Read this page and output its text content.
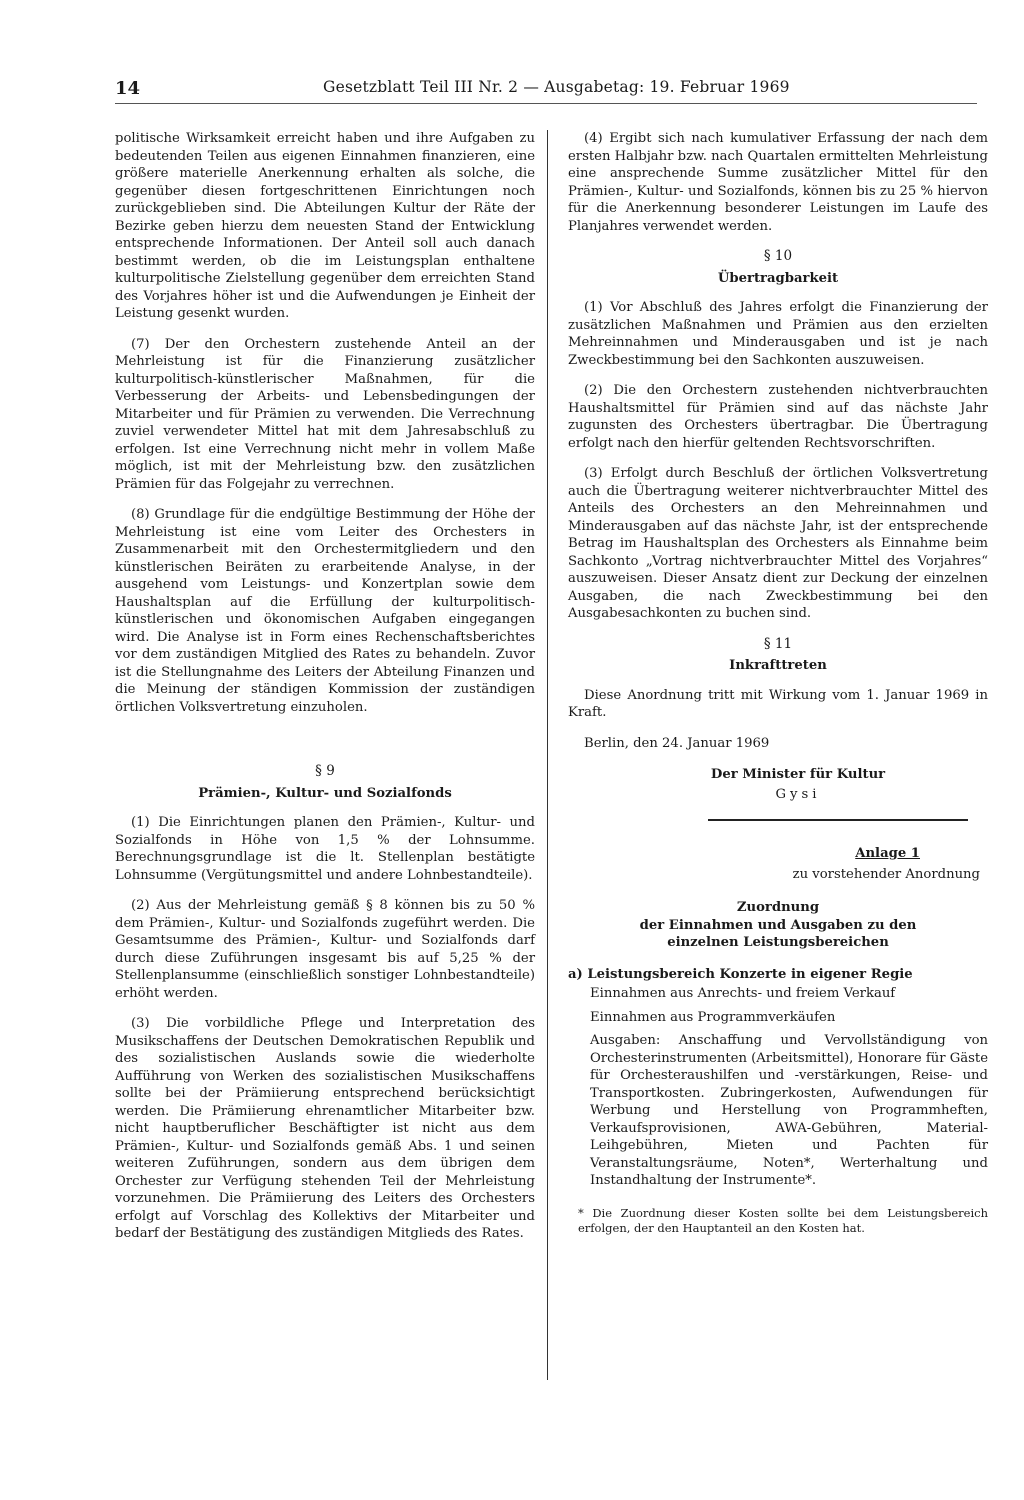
14	Gesetzblatt Teil III Nr. 2 — Ausgabetag: 19. Februar 1969

politische Wirksamkeit erreicht haben und ihre Aufgaben zu bedeutenden Teilen aus eigenen Einnahmen finanzieren, eine größere materielle Anerkennung erhalten als solche, die gegenüber diesen fortgeschrittenen Einrichtungen noch zurückgeblieben sind. Die Abteilungen Kultur der Räte der Bezirke geben hierzu dem neuesten Stand der Entwicklung entsprechende Informationen. Der Anteil soll auch danach bestimmt werden, ob die im Leistungsplan enthaltene kulturpolitische Zielstellung gegenüber dem erreichten Stand des Vorjahres höher ist und die Aufwendungen je Einheit der Leistung gesenkt wurden.

(7) Der den Orchestern zustehende Anteil an der Mehrleistung ist für die Finanzierung zusätzlicher kulturpolitisch-künstlerischer Maßnahmen, für die Verbesserung der Arbeits- und Lebensbedingungen der Mitarbeiter und für Prämien zu verwenden. Die Verrechnung zuviel verwendeter Mittel hat mit dem Jahresabschluß zu erfolgen. Ist eine Verrechnung nicht mehr in vollem Maße möglich, ist mit der Mehrleistung bzw. den zusätzlichen Prämien für das Folgejahr zu verrechnen.

(8) Grundlage für die endgültige Bestimmung der Höhe der Mehrleistung ist eine vom Leiter des Orchesters in Zusammenarbeit mit den Orchestermitgliedern und den künstlerischen Beiräten zu erarbeitende Analyse, in der ausgehend vom Leistungs- und Konzertplan sowie dem Haushaltsplan auf die Erfüllung der kulturpolitisch-künstlerischen und ökonomischen Aufgaben eingegangen wird. Die Analyse ist in Form eines Rechenschaftsberichtes vor dem zuständigen Mitglied des Rates zu behandeln. Zuvor ist die Stellungnahme des Leiters der Abteilung Finanzen und die Meinung der ständigen Kommission der zuständigen örtlichen Volksvertretung einzuholen.

§ 9
Prämien-, Kultur- und Sozialfonds

(1) Die Einrichtungen planen den Prämien-, Kultur- und Sozialfonds in Höhe von 1,5 % der Lohnsumme. Berechnungsgrundlage ist die lt. Stellenplan bestätigte Lohnsumme (Vergütungsmittel und andere Lohnbestandteile).

(2) Aus der Mehrleistung gemäß § 8 können bis zu 50 % dem Prämien-, Kultur- und Sozialfonds zugeführt werden. Die Gesamtsumme des Prämien-, Kultur- und Sozialfonds darf durch diese Zuführungen insgesamt bis auf 5,25 % der Stellenplansumme (einschließlich sonstiger Lohnbestandteile) erhöht werden.

(3) Die vorbildliche Pflege und Interpretation des Musikschaffens der Deutschen Demokratischen Republik und des sozialistischen Auslands sowie die wiederholte Aufführung von Werken des sozialistischen Musikschaffens sollte bei der Prämiierung entsprechend berücksichtigt werden. Die Prämiierung ehrenamtlicher Mitarbeiter bzw. nicht hauptberuflicher Beschäftigter ist nicht aus dem Prämien-, Kultur- und Sozialfonds gemäß Abs. 1 und seinen weiteren Zuführungen, sondern aus dem übrigen dem Orchester zur Verfügung stehenden Teil der Mehrleistung vorzunehmen. Die Prämiierung des Leiters des Orchesters erfolgt auf Vorschlag des Kollektivs der Mitarbeiter und bedarf der Bestätigung des zuständigen Mitglieds des Rates.

(4) Ergibt sich nach kumulativer Erfassung der nach dem ersten Halbjahr bzw. nach Quartalen ermittelten Mehrleistung eine ansprechende Summe zusätzlicher Mittel für den Prämien-, Kultur- und Sozialfonds, können bis zu 25 % hiervon für die Anerkennung besonderer Leistungen im Laufe des Planjahres verwendet werden.

§ 10
Übertragbarkeit

(1) Vor Abschluß des Jahres erfolgt die Finanzierung der zusätzlichen Maßnahmen und Prämien aus den erzielten Mehreinnahmen und Minderausgaben und ist je nach Zweckbestimmung bei den Sachkonten auszuweisen.

(2) Die den Orchestern zustehenden nichtverbrauchten Haushaltsmittel für Prämien sind auf das nächste Jahr zugunsten des Orchesters übertragbar. Die Übertragung erfolgt nach den hierfür geltenden Rechtsvorschriften.

(3) Erfolgt durch Beschluß der örtlichen Volksvertretung auch die Übertragung weiterer nichtverbrauchter Mittel des Anteils des Orchesters an den Mehreinnahmen und Minderausgaben auf das nächste Jahr, ist der entsprechende Betrag im Haushaltsplan des Orchesters als Einnahme beim Sachkonto „Vortrag nichtverbrauchter Mittel des Vorjahres“ auszuweisen. Dieser Ansatz dient zur Deckung der einzelnen Ausgaben, die nach Zweckbestimmung bei den Ausgabesachkonten zu buchen sind.

§ 11
Inkrafttreten

Diese Anordnung tritt mit Wirkung vom 1. Januar 1969 in Kraft.

Berlin, den 24. Januar 1969

Der Minister für Kultur
Gysi
Anlage 1
zu vorstehender Anordnung
Zuordnung
der Einnahmen und Ausgaben zu den
einzelnen Leistungsbereichen
a) Leistungsbereich Konzerte in eigener Regie

Einnahmen aus Anrechts- und freiem Verkauf

Einnahmen aus Programmverkäufen

Ausgaben: Anschaffung und Vervollständigung von Orchesterinstrumenten (Arbeitsmittel), Honorare für Gäste für Orchesteraushilfen und -verstärkungen, Reise- und Transportkosten. Zubringerkosten, Aufwendungen für Werbung und Herstellung von Programmheften, Verkaufsprovisionen, AWA-Gebühren, Material-Leihgebühren, Mieten und Pachten für Veranstaltungsräume, Noten*, Werterhaltung und Instandhaltung der Instrumente*.

* Die Zuordnung dieser Kosten sollte bei dem Leistungsbereich erfolgen, der den Hauptanteil an den Kosten hat.
